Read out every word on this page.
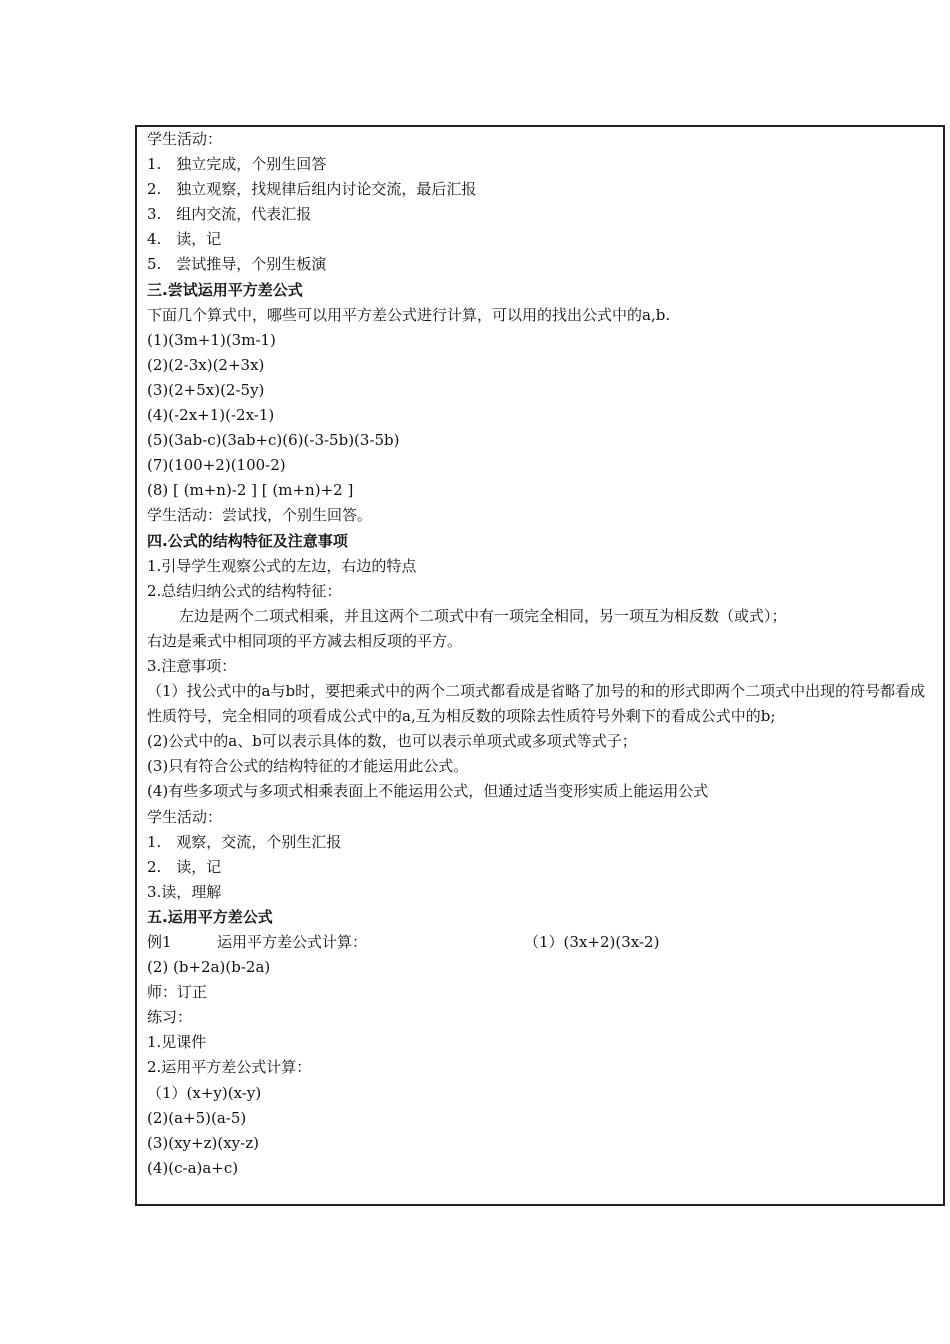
学生活动：
1.　独立完成，个别生回答
2.　独立观察，找规律后组内讨论交流，最后汇报
3.　组内交流，代表汇报
4.　读，记
5.　尝试推导，个别生板演
三.尝试运用平方差公式
下面几个算式中，哪些可以用平方差公式进行计算，可以用的找出公式中的a,b.
(1)(3m+1)(3m-1)
(2)(2-3x)(2+3x)
(3)(2+5x)(2-5y)
(4)(-2x+1)(-2x-1)
(5)(3ab-c)(3ab+c)(6)(-3-5b)(3-5b)
(7)(100+2)(100-2)
(8) [ (m+n)-2 ] [ (m+n)+2 ]
学生活动：尝试找，个别生回答。
四.公式的结构特征及注意事项
1.引导学生观察公式的左边，右边的特点
2.总结归纳公式的结构特征：
左边是两个二项式相乘，并且这两个二项式中有一项完全相同，另一项互为相反数（或式）；
右边是乘式中相同项的平方减去相反项的平方。
3.注意事项：
（1）找公式中的a与b时，要把乘式中的两个二项式都看成是省略了加号的和的形式即两个二项式中出现的符号都看成性质符号，完全相同的项看成公式中的a,互为相反数的项除去性质符号外剩下的看成公式中的b;
(2)公式中的a、b可以表示具体的数，也可以表示单项式或多项式等式子；
(3)只有符合公式的结构特征的才能运用此公式。
(4)有些多项式与多项式相乘表面上不能运用公式，但通过适当变形实质上能运用公式
学生活动：
1.　观察，交流，个别生汇报
2.　读，记
3.读，理解
五.运用平方差公式
例1	运用平方差公式计算：	（1）(3x+2)(3x-2)
(2) (b+2a)(b-2a)
师：订正
练习：
1.见课件
2.运用平方差公式计算：
（1）(x+y)(x-y)
(2)(a+5)(a-5)
(3)(xy+z)(xy-z)
(4)(c-a)a+c)
